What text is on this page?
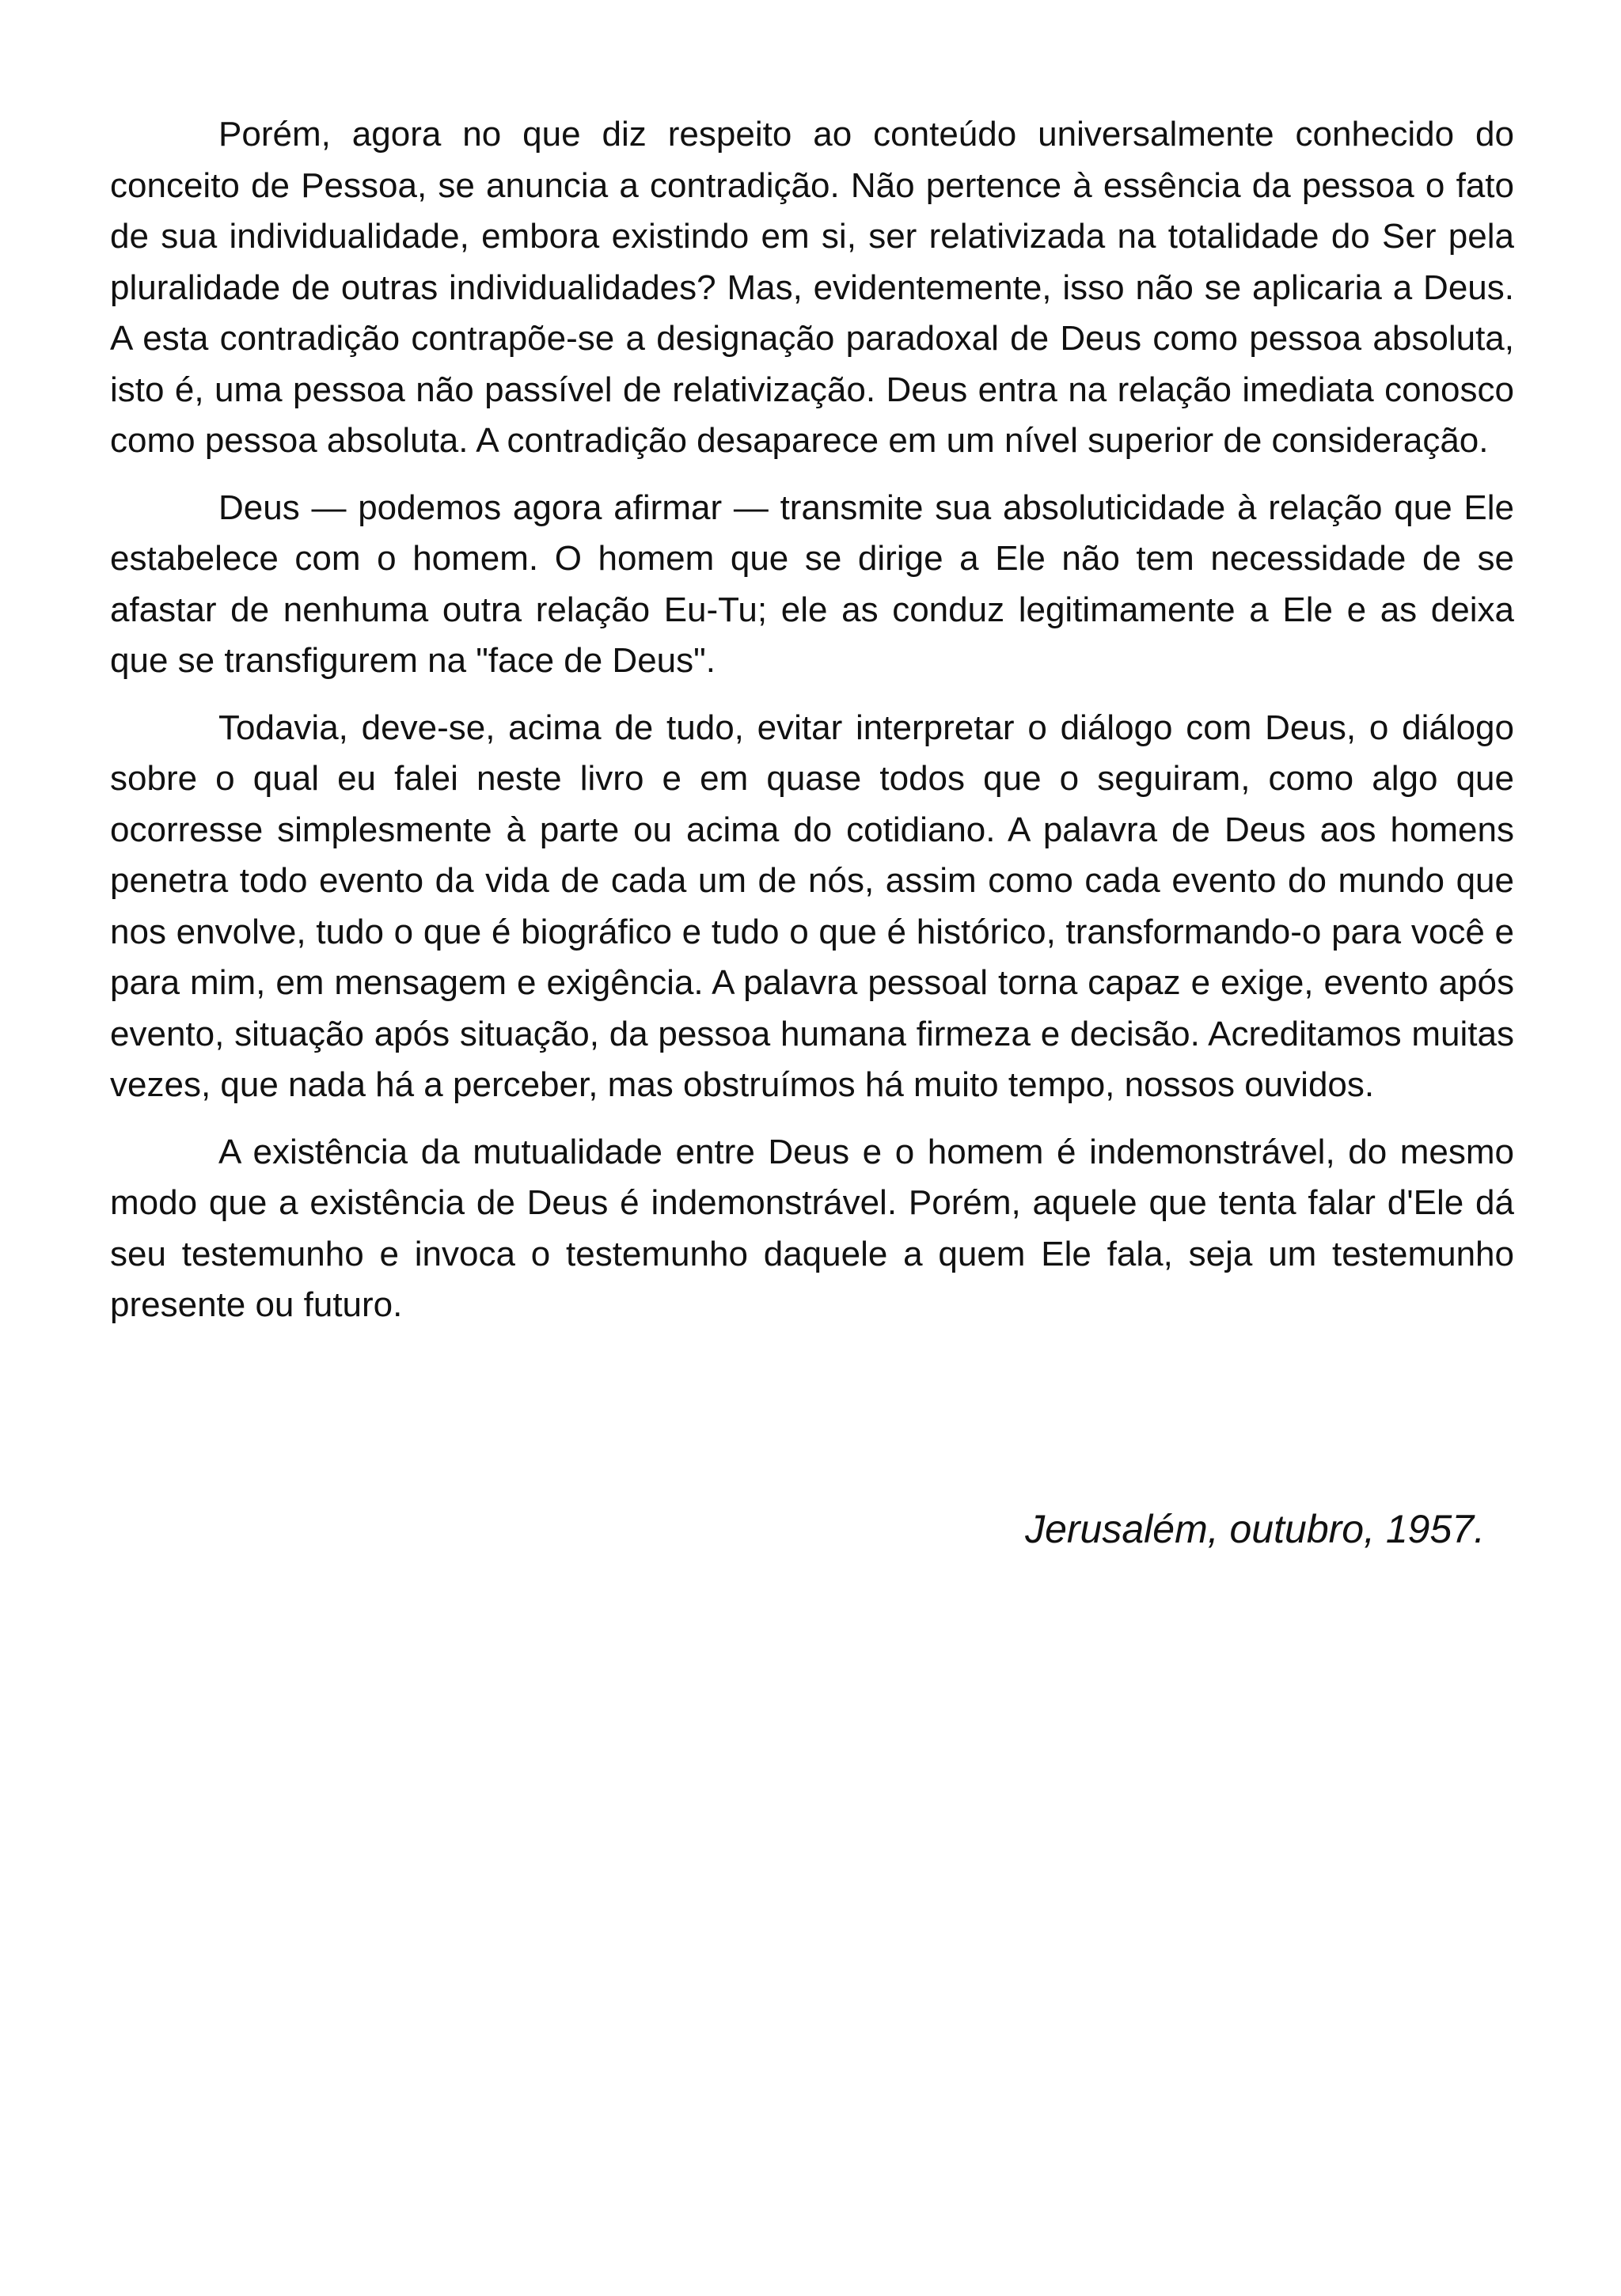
Porém, agora no que diz respeito ao conteúdo universalmente conhecido do conceito de Pessoa, se anuncia a contradição. Não pertence à essência da pessoa o fato de sua individualidade, embora existindo em si, ser relativizada na totalidade do Ser pela pluralidade de outras individualidades? Mas, evidentemente, isso não se aplicaria a Deus. A esta contradição contrapõe-se a designação paradoxal de Deus como pessoa absoluta, isto é, uma pessoa não passível de relativização. Deus entra na relação imediata conosco como pessoa absoluta. A contradição desaparece em um nível superior de consideração.

Deus — podemos agora afirmar — transmite sua absoluticidade à relação que Ele estabelece com o homem. O homem que se dirige a Ele não tem necessidade de se afastar de nenhuma outra relação Eu-Tu; ele as conduz legitimamente a Ele e as deixa que se transfigurem na "face de Deus".

Todavia, deve-se, acima de tudo, evitar interpretar o diálogo com Deus, o diálogo sobre o qual eu falei neste livro e em quase todos que o seguiram, como algo que ocorresse simplesmente à parte ou acima do cotidiano. A palavra de Deus aos homens penetra todo evento da vida de cada um de nós, assim como cada evento do mundo que nos envolve, tudo o que é biográfico e tudo o que é histórico, transformando-o para você e para mim, em mensagem e exigência. A palavra pessoal torna capaz e exige, evento após evento, situação após situação, da pessoa humana firmeza e decisão. Acreditamos muitas vezes, que nada há a perceber, mas obstruímos há muito tempo, nossos ouvidos.

A existência da mutualidade entre Deus e o homem é indemonstrável, do mesmo modo que a existência de Deus é indemonstrável. Porém, aquele que tenta falar d'Ele dá seu testemunho e invoca o testemunho daquele a quem Ele fala, seja um testemunho presente ou futuro.

Jerusalém, outubro, 1957.
